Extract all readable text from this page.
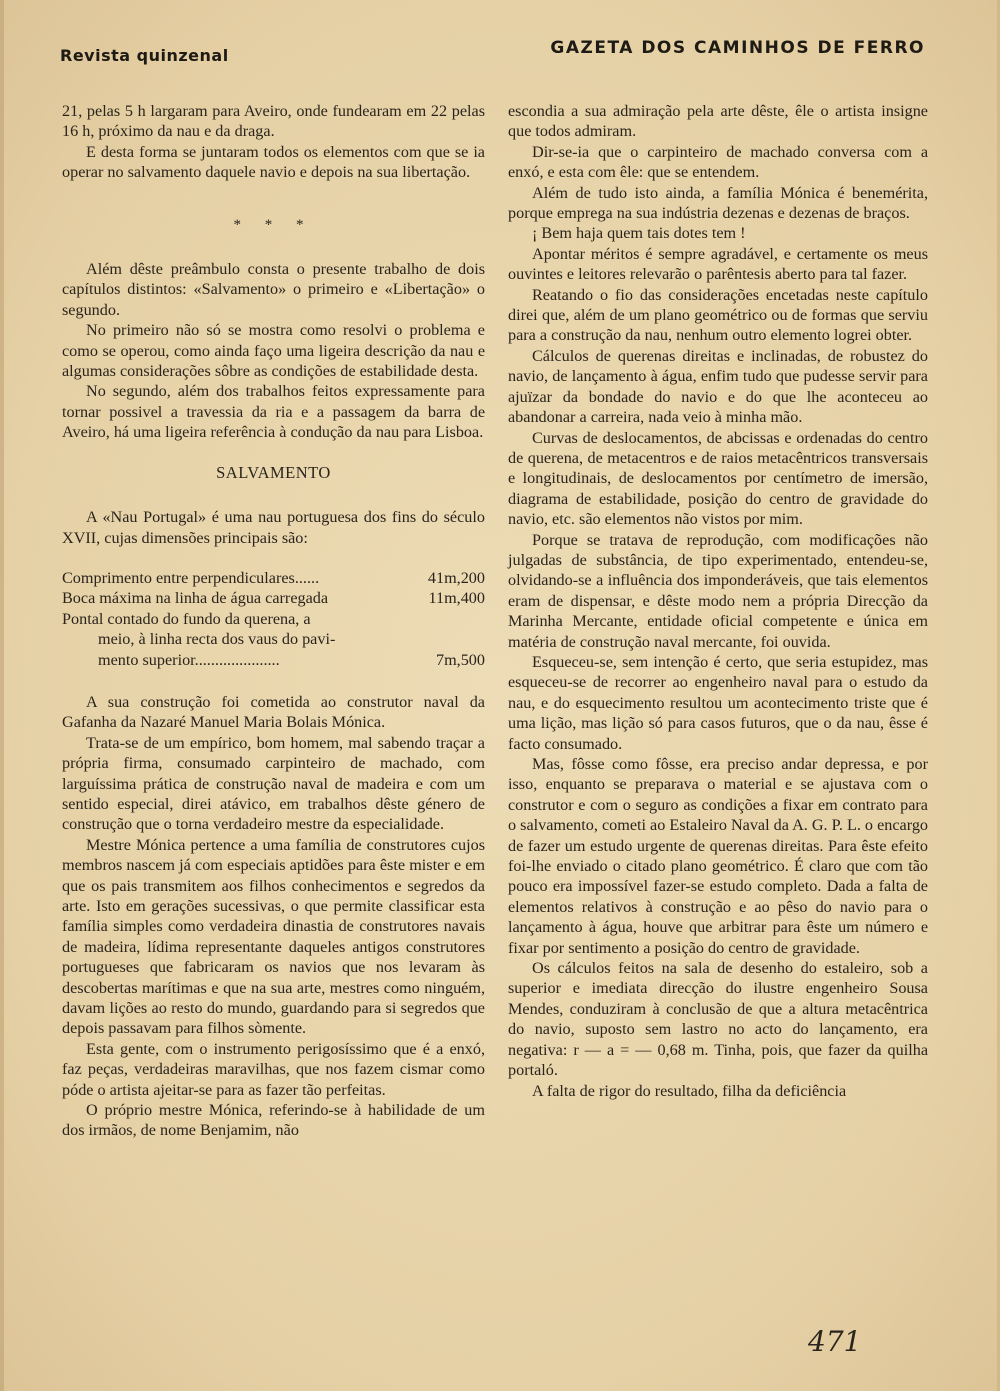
Revista quinzenal	GAZETA DOS CAMINHOS DE FERRO

21, pelas 5 h largaram para Aveiro, onde fundearam em 22 pelas 16 h, próximo da nau e da draga.

E desta forma se juntaram todos os elementos com que se ia operar no salvamento daquele navio e depois na sua libertação.

* * *

Além dêste preâmbulo consta o presente trabalho de dois capítulos distintos: «Salvamento» o primeiro e «Libertação» o segundo.

No primeiro não só se mostra como resolvi o problema e como se operou, como ainda faço uma ligeira descrição da nau e algumas considerações sôbre as condições de estabilidade desta.

No segundo, além dos trabalhos feitos expressamente para tornar possivel a travessia da ria e a passagem da barra de Aveiro, há uma ligeira referência à condução da nau para Lisboa.

SALVAMENTO

A «Nau Portugal» é uma nau portuguesa dos fins do século XVII, cujas dimensões principais são:

Comprimento entre perpendiculares......	41m,200
Boca máxima na linha de água carregada	11m,400
Pontal contado do fundo da querena, a
meio, à linha recta dos vaus do pavi-
mento superior.....................	7m,500

A sua construção foi cometida ao construtor naval da Gafanha da Nazaré Manuel Maria Bolais Mónica.

Trata-se de um empírico, bom homem, mal sabendo traçar a própria firma, consumado carpinteiro de machado, com larguíssima prática de construção naval de madeira e com um sentido especial, direi atávico, em trabalhos dêste género de construção que o torna verdadeiro mestre da especialidade.

Mestre Mónica pertence a uma família de construtores cujos membros nascem já com especiais aptidões para êste mister e em que os pais transmitem aos filhos conhecimentos e segredos da arte. Isto em gerações sucessivas, o que permite classificar esta família simples como verdadeira dinastia de construtores navais de madeira, lídima representante daqueles antigos construtores portugueses que fabricaram os navios que nos levaram às descobertas marítimas e que na sua arte, mestres como ninguém, davam lições ao resto do mundo, guardando para si segredos que depois passavam para filhos sòmente.

Esta gente, com o instrumento perigosíssimo que é a enxó, faz peças, verdadeiras maravilhas, que nos fazem cismar como póde o artista ajeitar-se para as fazer tão perfeitas.

O próprio mestre Mónica, referindo-se à habilidade de um dos irmãos, de nome Benjamim, não

escondia a sua admiração pela arte dêste, êle o artista insigne que todos admiram.

Dir-se-ia que o carpinteiro de machado conversa com a enxó, e esta com êle: que se entendem.

Além de tudo isto ainda, a família Mónica é benemérita, porque emprega na sua indústria dezenas e dezenas de braços.

¡ Bem haja quem tais dotes tem !

Apontar méritos é sempre agradável, e certamente os meus ouvintes e leitores relevarão o parêntesis aberto para tal fazer.

Reatando o fio das considerações encetadas neste capítulo direi que, além de um plano geométrico ou de formas que serviu para a construção da nau, nenhum outro elemento logrei obter.

Cálculos de querenas direitas e inclinadas, de robustez do navio, de lançamento à água, enfim tudo que pudesse servir para ajuïzar da bondade do navio e do que lhe aconteceu ao abandonar a carreira, nada veio à minha mão.

Curvas de deslocamentos, de abcissas e ordenadas do centro de querena, de metacentros e de raios metacêntricos transversais e longitudinais, de deslocamentos por centímetro de imersão, diagrama de estabilidade, posição do centro de gravidade do navio, etc. são elementos não vistos por mim.

Porque se tratava de reprodução, com modificações não julgadas de substância, de tipo experimentado, entendeu-se, olvidando-se a influência dos imponderáveis, que tais elementos eram de dispensar, e dêste modo nem a própria Direcção da Marinha Mercante, entidade oficial competente e única em matéria de construção naval mercante, foi ouvida.

Esqueceu-se, sem intenção é certo, que seria estupidez, mas esqueceu-se de recorrer ao engenheiro naval para o estudo da nau, e do esquecimento resultou um acontecimento triste que é uma lição, mas lição só para casos futuros, que o da nau, êsse é facto consumado.

Mas, fôsse como fôsse, era preciso andar depressa, e por isso, enquanto se preparava o material e se ajustava com o construtor e com o seguro as condições a fixar em contrato para o salvamento, cometi ao Estaleiro Naval da A. G. P. L. o encargo de fazer um estudo urgente de querenas direitas. Para êste efeito foi-lhe enviado o citado plano geométrico. É claro que com tão pouco era impossível fazer-se estudo completo. Dada a falta de elementos relativos à construção e ao pêso do navio para o lançamento à água, houve que arbitrar para êste um número e fixar por sentimento a posição do centro de gravidade.

Os cálculos feitos na sala de desenho do estaleiro, sob a superior e imediata direcção do ilustre engenheiro Sousa Mendes, conduziram à conclusão de que a altura metacêntrica do navio, suposto sem lastro no acto do lançamento, era negativa: r — a = — 0,68 m. Tinha, pois, que fazer da quilha portaló.

A falta de rigor do resultado, filha da deficiência

471
